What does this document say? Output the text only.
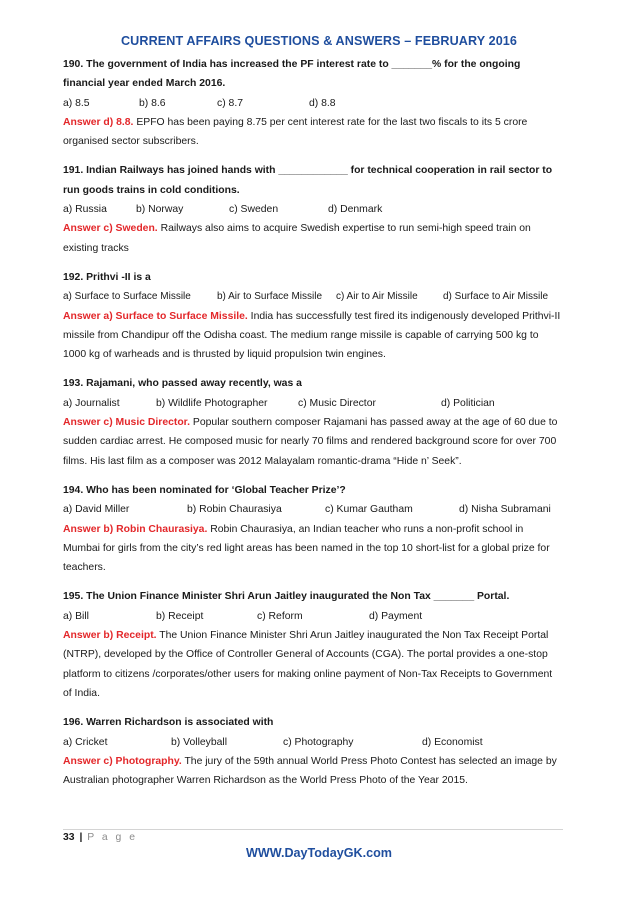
CURRENT AFFAIRS QUESTIONS & ANSWERS – FEBRUARY 2016
190. The government of India has increased the PF interest rate to _______% for the ongoing financial year ended March 2016.
a) 8.5	b) 8.6	c) 8.7	d) 8.8
Answer d) 8.8. EPFO has been paying 8.75 per cent interest rate for the last two fiscals to its 5 crore organised sector subscribers.
191. Indian Railways has joined hands with ____________ for technical cooperation in rail sector to run goods trains in cold conditions.
a) Russia	b) Norway	c) Sweden	d) Denmark
Answer c) Sweden. Railways also aims to acquire Swedish expertise to run semi-high speed train on existing tracks
192. Prithvi -II is a
a) Surface to Surface Missile	b) Air to Surface Missile	c) Air to Air Missile	d) Surface to Air Missile
Answer a) Surface to Surface Missile. India has successfully test fired its indigenously developed Prithvi-II missile from Chandipur off the Odisha coast. The medium range missile is capable of carrying 500 kg to 1000 kg of warheads and is thrusted by liquid propulsion twin engines.
193. Rajamani, who passed away recently, was a
a) Journalist	b) Wildlife Photographer	c) Music Director	d) Politician
Answer c) Music Director. Popular southern composer Rajamani has passed away at the age of 60 due to sudden cardiac arrest. He composed music for nearly 70 films and rendered background score for over 700 films. His last film as a composer was 2012 Malayalam romantic-drama “Hide n’ Seek”.
194. Who has been nominated for ‘Global Teacher Prize’?
a) David Miller	b) Robin Chaurasiya	c) Kumar Gautham	d) Nisha Subramani
Answer b) Robin Chaurasiya. Robin Chaurasiya, an Indian teacher who runs a non-profit school in Mumbai for girls from the city’s red light areas has been named in the top 10 short-list for a global prize for teachers.
195. The Union Finance Minister Shri Arun Jaitley inaugurated the Non Tax _______ Portal.
a) Bill	b) Receipt	c) Reform	d) Payment
Answer b) Receipt. The Union Finance Minister Shri Arun Jaitley inaugurated the Non Tax Receipt Portal (NTRP), developed by the Office of Controller General of Accounts (CGA). The portal provides a one-stop platform to citizens /corporates/other users for making online payment of Non-Tax Receipts to Government of India.
196. Warren Richardson is associated with
a) Cricket	b) Volleyball	c) Photography	d) Economist
Answer c) Photography. The jury of the 59th annual World Press Photo Contest has selected an image by Australian photographer Warren Richardson as the World Press Photo of the Year 2015.
33 | P a g e
WWW.DayTodayGK.com
